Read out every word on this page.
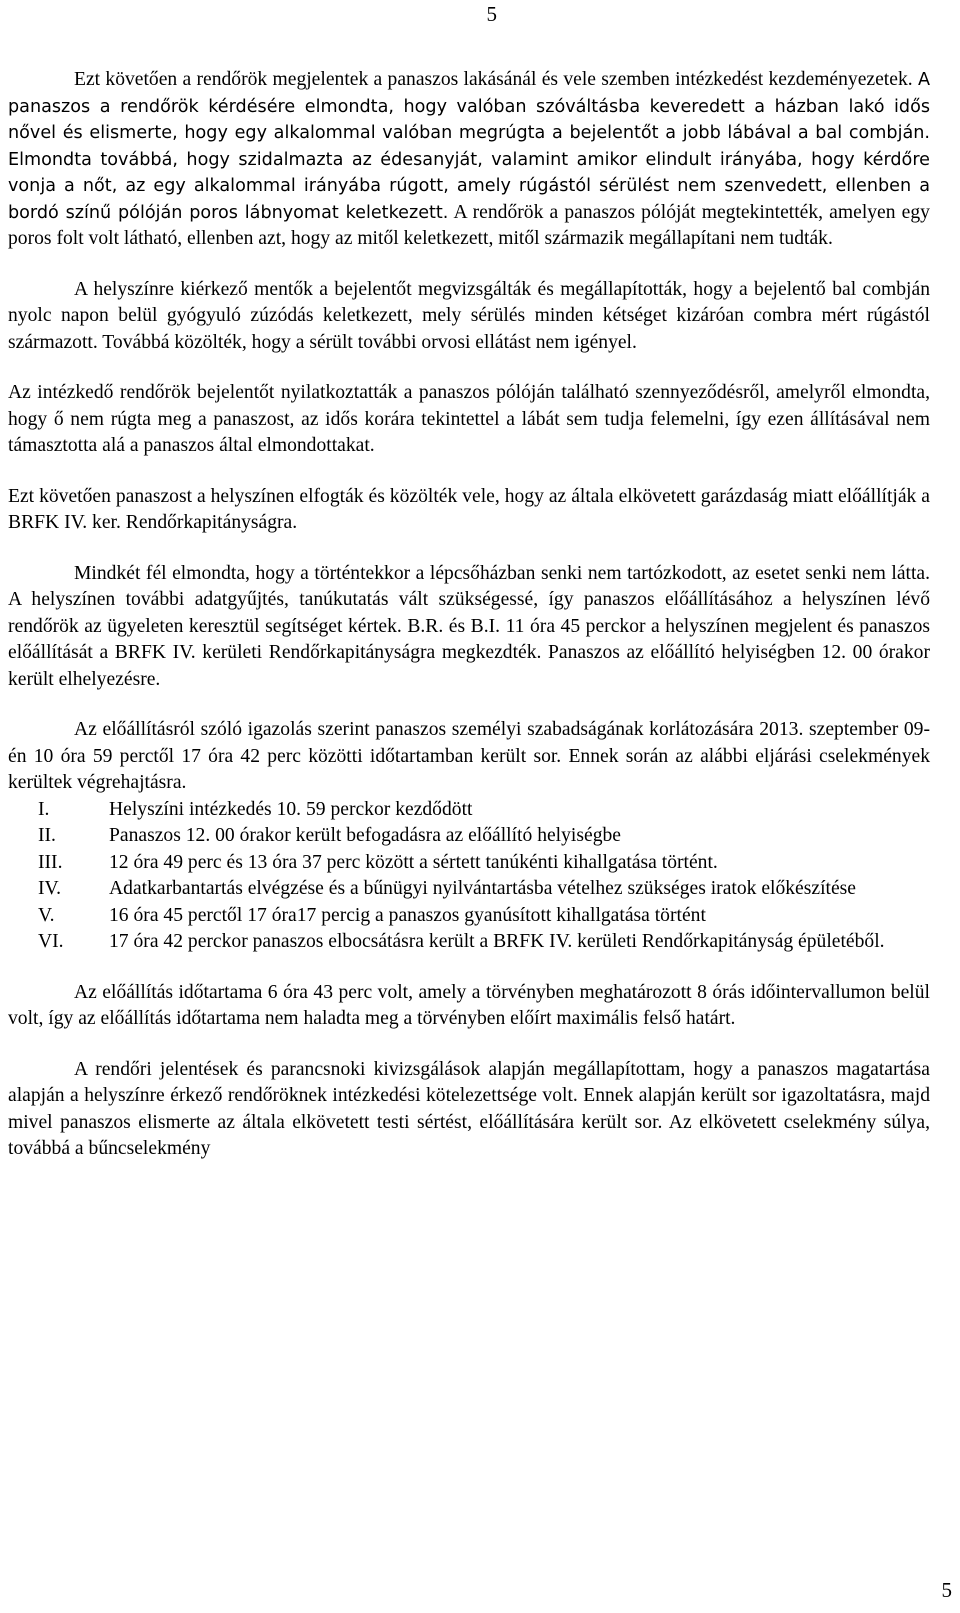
5

Ezt követően a rendőrök megjelentek a panaszos lakásánál és vele szemben intézkedést kezdeményezetek. A panaszos a rendőrök kérdésére elmondta, hogy valóban szóváltásba keveredett a házban lakó idős nővel és elismerte, hogy egy alkalommal valóban megrúgta a bejelentőt a jobb lábával a bal combján. Elmondta továbbá, hogy szidalmazta az édesanyját, valamint amikor elindult irányába, hogy kérdőre vonja a nőt, az egy alkalommal irányába rúgott, amely rúgástól sérülést nem szenvedett, ellenben a bordó színű pólóján poros lábnyomat keletkezett. A rendőrök a panaszos pólóját megtekintették, amelyen egy poros folt volt látható, ellenben azt, hogy az mitől keletkezett, mitől származik megállapítani nem tudták.

A helyszínre kiérkező mentők a bejelentőt megvizsgálták és megállapították, hogy a bejelentő bal combján nyolc napon belül gyógyuló zúzódás keletkezett, mely sérülés minden kétséget kizáróan combra mért rúgástól származott. Továbbá közölték, hogy a sérült további orvosi ellátást nem igényel.

Az intézkedő rendőrök bejelentőt nyilatkoztatták a panaszos pólóján található szennyeződésről, amelyről elmondta, hogy ő nem rúgta meg a panaszost, az idős korára tekintettel a lábát sem tudja felemelni, így ezen állításával nem támasztotta alá a panaszos által elmondottakat.

Ezt követően panaszost a helyszínen elfogták és közölték vele, hogy az általa elkövetett garázdaság miatt előállítják a BRFK IV. ker. Rendőrkapitányságra.

Mindkét fél elmondta, hogy a történtekkor a lépcsőházban senki nem tartózkodott, az esetet senki nem látta. A helyszínen további adatgyűjtés, tanúkutatás vált szükségessé, így panaszos előállításához a helyszínen lévő rendőrök az ügyeleten keresztül segítséget kértek. B.R. és B.I. 11 óra 45 perckor a helyszínen megjelent és panaszos előállítását a BRFK IV. kerületi Rendőrkapitányságra megkezdték. Panaszos az előállító helyiségben 12. 00 órakor került elhelyezésre.

Az előállításról szóló igazolás szerint panaszos személyi szabadságának korlátozására 2013. szeptember 09-én 10 óra 59 perctől 17 óra 42 perc közötti időtartamban került sor. Ennek során az alábbi eljárási cselekmények kerültek végrehajtásra.

I.	Helyszíni intézkedés 10. 59 perckor kezdődött
II.	Panaszos 12. 00 órakor került befogadásra az előállító helyiségbe
III.	12 óra 49 perc és 13 óra 37 perc között a sértett tanúkénti kihallgatása történt.
IV.	Adatkarbantartás elvégzése és a bűnügyi nyilvántartásba vételhez szükséges iratok előkészítése
V.	16 óra 45 perctől 17 óra17 percig a panaszos gyanúsított kihallgatása történt
VI.	17 óra 42 perckor panaszos elbocsátásra került a BRFK IV. kerületi Rendőrkapitányság épületéből.

Az előállítás időtartama 6 óra 43 perc volt, amely a törvényben meghatározott 8 órás időintervallumon belül volt, így az előállítás időtartama nem haladta meg a törvényben előírt maximális felső határt.

A rendőri jelentések és parancsnoki kivizsgálások alapján megállapítottam, hogy a panaszos magatartása alapján a helyszínre érkező rendőröknek intézkedési kötelezettsége volt. Ennek alapján került sor igazoltatásra, majd mivel panaszos elismerte az általa elkövetett testi sértést, előállítására került sor. Az elkövetett cselekmény súlya, továbbá a bűncselekmény

5
